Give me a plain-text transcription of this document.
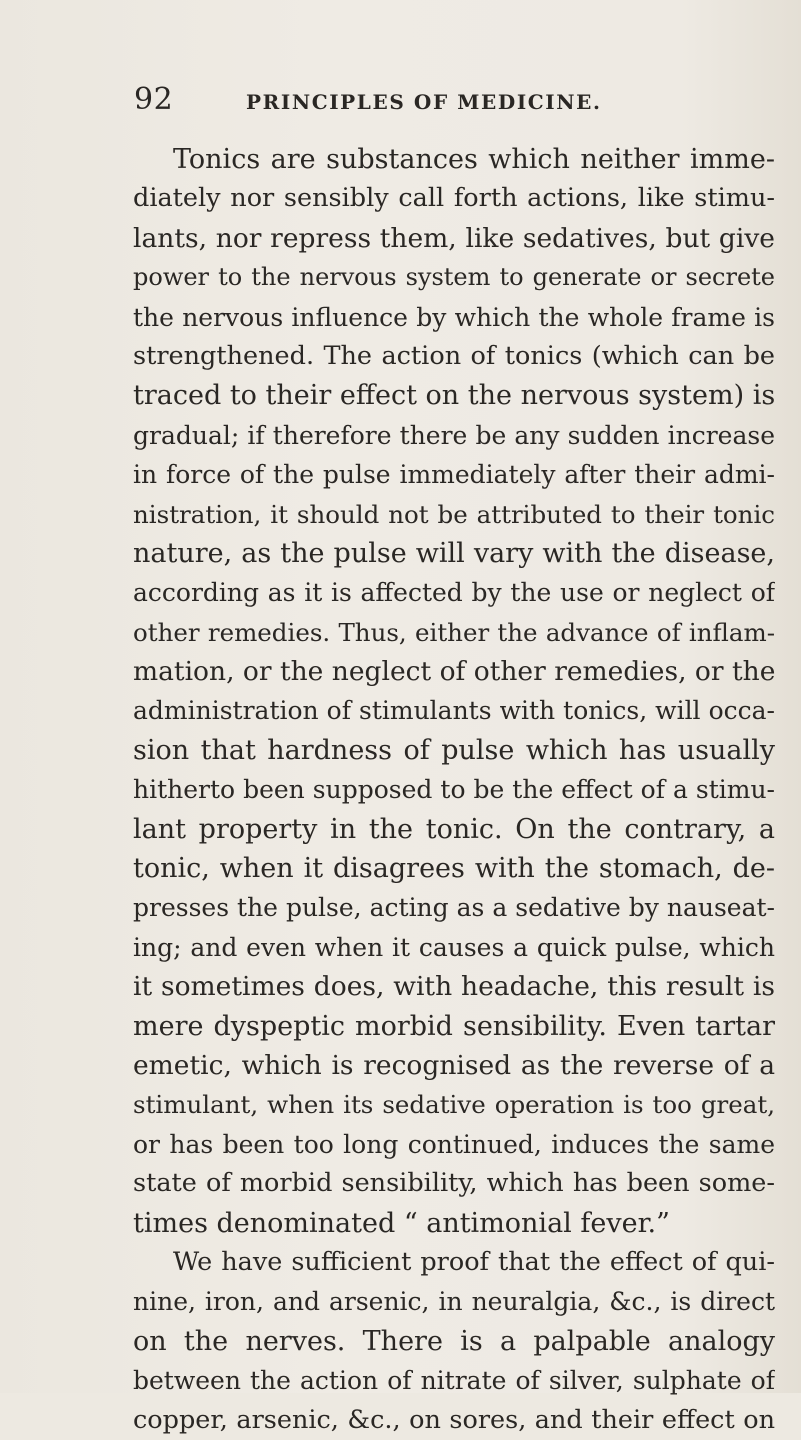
92	PRINCIPLES OF MEDICINE.
Tonics are substances which neither imme-
diately nor sensibly call forth actions, like stimu-
lants, nor repress them, like sedatives, but give
power to the nervous system to generate or secrete
the nervous influence by which the whole frame is
strengthened. The action of tonics (which can be
traced to their effect on the nervous system) is
gradual; if therefore there be any sudden increase
in force of the pulse immediately after their admi-
nistration, it should not be attributed to their tonic
nature, as the pulse will vary with the disease,
according as it is affected by the use or neglect of
other remedies. Thus, either the advance of inflam-
mation, or the neglect of other remedies, or the
administration of stimulants with tonics, will occa-
sion that hardness of pulse which has usually
hitherto been supposed to be the effect of a stimu-
lant property in the tonic. On the contrary, a
tonic, when it disagrees with the stomach, de-
presses the pulse, acting as a sedative by nauseat-
ing; and even when it causes a quick pulse, which
it sometimes does, with headache, this result is
mere dyspeptic morbid sensibility. Even tartar
emetic, which is recognised as the reverse of a
stimulant, when its sedative operation is too great,
or has been too long continued, induces the same
state of morbid sensibility, which has been some-
times denominated “ antimonial fever.”
We have sufficient proof that the effect of qui-
nine, iron, and arsenic, in neuralgia, &c., is direct
on the nerves. There is a palpable analogy
between the action of nitrate of silver, sulphate of
copper, arsenic, &c., on sores, and their effect on
